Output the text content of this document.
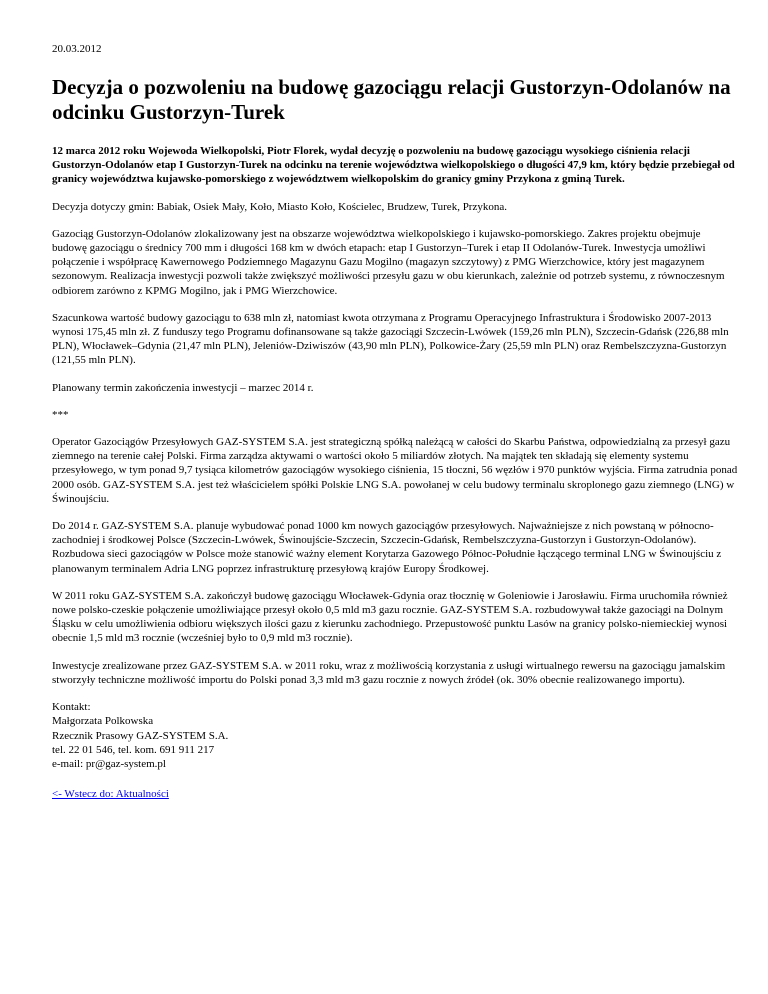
20.03.2012
Decyzja o pozwoleniu na budowę gazociągu relacji Gustorzyn-Odolanów na odcinku Gustorzyn-Turek
12 marca 2012 roku Wojewoda Wielkopolski, Piotr Florek, wydał decyzję o pozwoleniu na budowę gazociągu wysokiego ciśnienia relacji Gustorzyn-Odolanów etap I Gustorzyn-Turek na odcinku na terenie województwa wielkopolskiego o długości 47,9 km, który będzie przebiegał od granicy województwa kujawsko-pomorskiego z województwem wielkopolskim do granicy gminy Przykona z gminą Turek.

Decyzja dotyczy gmin: Babiak, Osiek Mały, Koło, Miasto Koło, Kościelec, Brudzew, Turek, Przykona.

Gazociąg Gustorzyn-Odolanów zlokalizowany jest na obszarze województwa wielkopolskiego i kujawsko-pomorskiego. Zakres projektu obejmuje budowę gazociągu o średnicy 700 mm i długości 168 km w dwóch etapach: etap I Gustorzyn–Turek i etap II Odolanów-Turek. Inwestycja umożliwi połączenie i współpracę Kawernowego Podziemnego Magazynu Gazu Mogilno (magazyn szczytowy) z PMG Wierzchowice, który jest magazynem sezonowym. Realizacja inwestycji pozwoli także zwiększyć możliwości przesyłu gazu w obu kierunkach, zależnie od potrzeb systemu, z równoczesnym odbiorem zarówno z KPMG Mogilno, jak i PMG Wierzchowice.

Szacunkowa wartość budowy gazociągu to 638 mln zł, natomiast kwota otrzymana z Programu Operacyjnego Infrastruktura i Środowisko 2007-2013 wynosi 175,45 mln zł. Z funduszy tego Programu dofinansowane są także gazociągi Szczecin-Lwówek (159,26 mln PLN), Szczecin-Gdańsk (226,88 mln PLN), Włocławek–Gdynia (21,47 mln PLN), Jeleniów-Dziwiszów (43,90 mln PLN), Polkowice-Żary (25,59 mln PLN) oraz Rembelszczyzna-Gustorzyn (121,55 mln PLN).

Planowany termin zakończenia inwestycji – marzec 2014 r.

***

Operator Gazociągów Przesyłowych GAZ-SYSTEM S.A. jest strategiczną spółką należącą w całości do Skarbu Państwa, odpowiedzialną za przesył gazu ziemnego na terenie całej Polski. Firma zarządza aktywami o wartości około 5 miliardów złotych. Na majątek ten składają się elementy systemu przesyłowego, w tym ponad 9,7 tysiąca kilometrów gazociągów wysokiego ciśnienia, 15 tłoczni, 56 węzłów i 970 punktów wyjścia. Firma zatrudnia ponad 2000 osób. GAZ-SYSTEM S.A. jest też właścicielem spółki Polskie LNG S.A. powołanej w celu budowy terminalu skroplonego gazu ziemnego (LNG) w Świnoujściu.

Do 2014 r. GAZ-SYSTEM S.A. planuje wybudować ponad 1000 km nowych gazociągów przesyłowych. Najważniejsze z nich powstaną w północno-zachodniej i środkowej Polsce (Szczecin-Lwówek, Świnoujście-Szczecin, Szczecin-Gdańsk, Rembelszczyzna-Gustorzyn i Gustorzyn-Odolanów). Rozbudowa sieci gazociągów w Polsce może stanowić ważny element Korytarza Gazowego Północ-Południe łączącego terminal LNG w Świnoujściu z planowanym terminalem Adria LNG poprzez infrastrukturę przesyłową krajów Europy Środkowej.

W 2011 roku GAZ-SYSTEM S.A. zakończył budowę gazociągu Włocławek-Gdynia oraz tłocznię w Goleniowie i Jarosławiu. Firma uruchomiła również nowe polsko-czeskie połączenie umożliwiające przesył około 0,5 mld m3 gazu rocznie. GAZ-SYSTEM S.A. rozbudowywał także gazociągi na Dolnym Śląsku w celu umożliwienia odbioru większych ilości gazu z kierunku zachodniego. Przepustowość punktu Lasów na granicy polsko-niemieckiej wynosi obecnie 1,5 mld m3 rocznie (wcześniej było to 0,9 mld m3 rocznie).

Inwestycje zrealizowane przez GAZ-SYSTEM S.A. w 2011 roku, wraz z możliwością korzystania z usługi wirtualnego rewersu na gazociągu jamalskim stworzyły techniczne możliwość importu do Polski ponad 3,3 mld m3 gazu rocznie z nowych źródeł (ok. 30% obecnie realizowanego importu).

Kontakt:
Małgorzata Polkowska
Rzecznik Prasowy GAZ-SYSTEM S.A.
tel. 22 01 546, tel. kom. 691 911 217
e-mail: pr@gaz-system.pl
<- Wstecz do: Aktualności
